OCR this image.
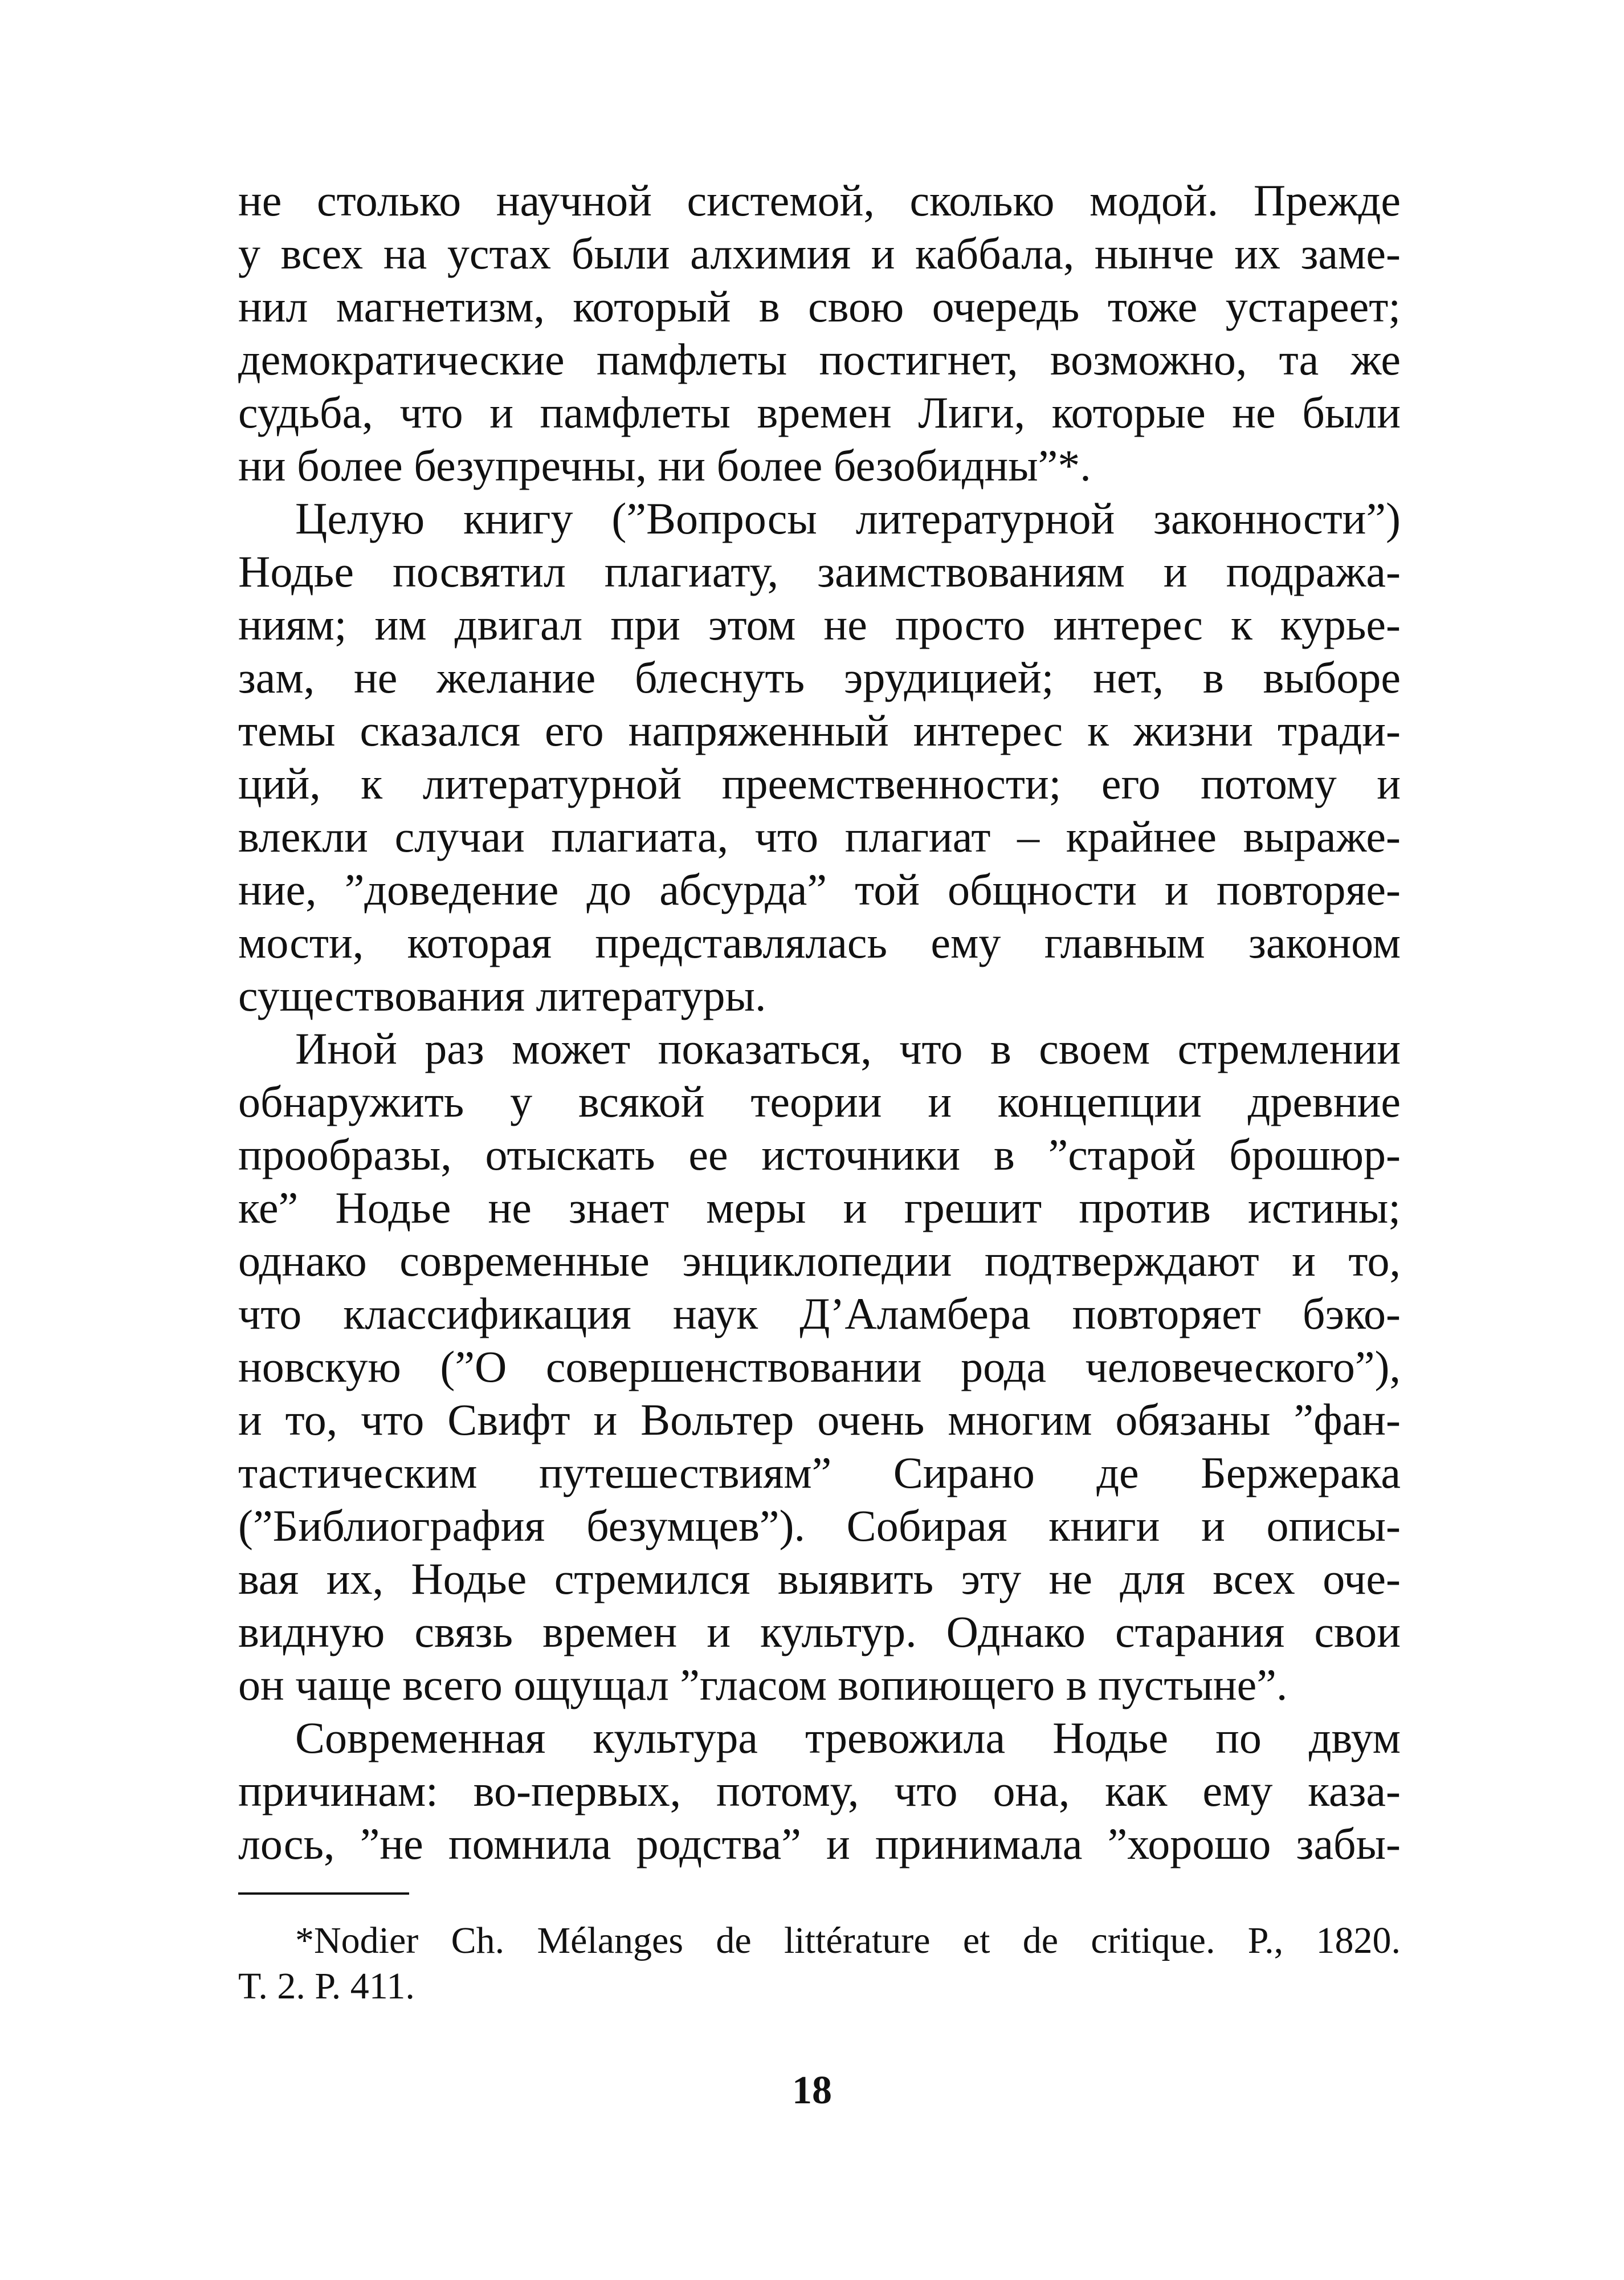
не столько научной системой, сколько модой. Прежде
у всех на устах были алхимия и каббала, нынче их заме-
нил магнетизм, который в свою очередь тоже устареет;
демократические памфлеты постигнет, возможно, та же
судьба, что и памфлеты времен Лиги, которые не были
ни более безупречны, ни более безобидны”*.
Целую книгу (”Вопросы литературной законности”)
Нодье посвятил плагиату, заимствованиям и подража-
ниям; им двигал при этом не просто интерес к курье-
зам, не желание блеснуть эрудицией; нет, в выборе
темы сказался его напряженный интерес к жизни тради-
ций, к литературной преемственности; его потому и
влекли случаи плагиата, что плагиат – крайнее выраже-
ние, ”доведение до абсурда” той общности и повторяе-
мости, которая представлялась ему главным законом
существования литературы.
Иной раз может показаться, что в своем стремлении
обнаружить у всякой теории и концепции древние
прообразы, отыскать ее источники в ”старой брошюр-
ке” Нодье не знает меры и грешит против истины;
однако современные энциклопедии подтверждают и то,
что классификация наук Д’Аламбера повторяет бэко-
новскую (”О совершенствовании рода человеческого”),
и то, что Свифт и Вольтер очень многим обязаны ”фан-
тастическим путешествиям” Сирано де Бержерака
(”Библиография безумцев”). Собирая книги и описы-
вая их, Нодье стремился выявить эту не для всех оче-
видную связь времен и культур. Однако старания свои
он чаще всего ощущал ”гласом вопиющего в пустыне”.
Современная культура тревожила Нодье по двум
причинам: во-первых, потому, что она, как ему каза-
лось, ”не помнила родства” и принимала ”хорошо забы-
*Nodier Ch. Mélanges de littérature et de critique. P., 1820.
T. 2. P. 411.
18
